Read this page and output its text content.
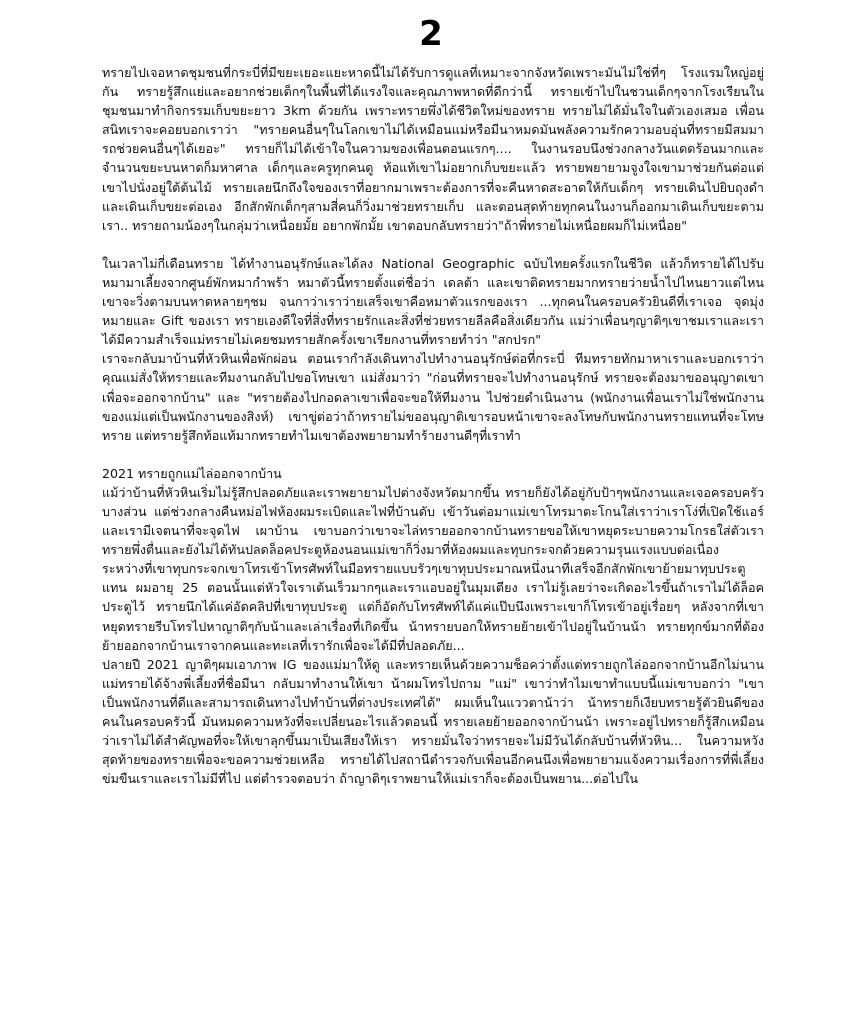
2

ทรายไปเจอหาดชุมชนที่กระบี่ที่มีขยะเยอะแยะหาดนี้ไม่ได้รับการดูแลที่เหมาะจากจังหวัดเพราะมันไม่ใช่ที่ๆ โรงแรมใหญ่อยู่กัน ทรายรู้สึกแย่และอยากช่วยเด็กๆในพื้นที่ได้แรงใจและคุณภาพหาดที่ดีกว่านี้ ทรายเข้าไปในชวนเด็กๆจากโรงเรียนในชุมชนมาทำกิจกรรมเก็บขยะยาว 3km ด้วยกัน เพราะทรายพึ่งได้ชีวิตใหม่ของทราย ทรายไม่ได้มั่นใจในตัวเองเสมอ เพื่อนสนิทเราจะคอยบอกเราว่า "ทรายคนอื่นๆในโลกเขาไม่ได้เหมือนแม่หรือมีนาหมดมันพลังความรักความอบอุ่นที่ทรายมีสมมารถช่วยคนอื่นๆได้เยอะ" ทรายก็ไม่ได้เข้าใจในความของเพื่อนตอนแรกๆ.... ในงานรอบนึงช่วงกลางวันแดดร้อนมากและจำนวนขยะบนหาดก็มหาศาล เด็กๆและครูทุกคนดู ท้อแท้เขาไม่อยากเก็บขยะแล้ว ทรายพยายามจูงใจเขามาช่วยกันต่อแต่เขาไปนั่งอยู่ใต้ต้นไม้ ทรายเลยนึกถึงใจของเราที่อยากมาเพราะต้องการที่จะคืนหาดสะอาดให้กับเด็กๆ ทรายเดินไปยิบถุงดำและเดินเก็บขยะต่อเอง อีกสักพักเด็กๆสามสี่คนก็วิ่งมาช่วยทรายเก็บ และตอนสุดท้ายทุกคนในงานก็ออกมาเดินเก็บขยะตามเรา.. ทรายถามน้องๆในกลุ่มว่าเหนื่อยมั้ย อยากพักมั้ย เขาตอบกลับทรายว่า"ถ้าพี่ทรายไม่เหนื่อยผมก็ไม่เหนื่อย"

ในเวลาไม่กี่เดือนทราย ได้ทำงานอนุรักษ์และได้ลง National Geographic ฉบับไทยครั้งแรกในชีวิต แล้วก็ทรายได้ไปรับหมามาเลี้ยงจากศูนย์พักหมากำพร้า หมาตัวนี้ทรายตั้งแต่ชื่อว่า เดลต้า และเขาติดทรายมากทรายว่ายน้ำไปไหนยาวแต่ไหนเขาจะวิ่งตามบนหาดหลายๆชม จนกาว่าเราว่ายเสร็จเขาคือหมาตัวแรกของเรา ...ทุกคนในครอบครัวยินดีที่เราเจอ จุดมุ่งหมายและ Gift ของเรา ทรายเองดีใจที่สิ่งที่ทรายรักและสิ่งที่ช่วยทรายลีลคือสิ่งเดียวกัน แม่ว่าเพื่อนๆญาติๆเขาชมเราและเราได้มีความสำเร็จแม่ทรายไม่เคยชมทรายสักครั้งเขาเรียกงานที่ทรายทำว่า "สกปรก"

เราจะกลับมาบ้านที่หัวหินเพื่อพักผ่อน ตอนเรากำลังเดินทางไปทำงานอนุรักษ์ต่อที่กระบี่ ทีมทรายทักมาหาเราและบอกเราว่าคุณแม่สั่งให้ทรายและทีมงานกลับไปขอโทษเขา แม่สั่งมาว่า "ก่อนที่ทรายจะไปทำงานอนุรักษ์ ทรายจะต้องมาขออนุญาตเขาเพื่อจะออกจากบ้าน" และ "ทรายต้องไปกอดลาเขาเพื่อจะขอให้ทีมงาน ไปช่วยดำเนินงาน (พนักงานเพื่อนเราไม่ใช่พนักงานของแม่แต่เป็นพนักงานของสิงห์) เขาขู่ต่อว่าถ้าทรายไม่ขออนุญาติเขารอบหน้าเขาจะลงโทษกับพนักงานทรายแทนที่จะโทษทราย แต่ทรายรู้สึกท้อแท้มากทรายทำไมเขาต้องพยายามทำร้ายงานดีๆที่เราทำ

2021 ทรายถูกแม่ไล่ออกจากบ้าน

แม้ว่าบ้านที่หัวหินเริ่มไม่รู้สึกปลอดภัยและเราพยายามไปต่างจังหวัดมากขึ้น ทรายก็ยังได้อยู่กับป้าๆพนักงานและเจอครอบครัวบางส่วน แต่ช่วงกลางคืนหม่อไฟห้องผมระเบิดและไฟที่บ้านดับ เข้าวันต่อมาแม่เขาโทรมาตะโกนใส่เราว่าเราโง่ที่เปิดใช้แอร์และเรามีเจตนาที่จะจุดไฟ เผาบ้าน เขาบอกว่าเขาจะไล่ทรายออกจากบ้านทรายขอให้เขาหยุดระบายความโกรธใส่ตัวเรา ทรายพึ่งตื่นและยังไม่ได้ทันปลดล็อคประตูห้องนอนแม่เขาก็วิ่งมาที่ห้องผมและทุบกระจกด้วยความรุนแรงแบบต่อเนื่อง ระหว่างที่เขาทุบกระจกเขาโทรเข้าโทรศัพท์ในมือทรายแบบรัวๆเขาทุบประมาณหนึ่งนาทีเสร็จอีกสักพักเขาย้ายมาทุบประตูแทน ผมอายุ 25 ตอนนั้นแต่หัวใจเราเต้นเร็วมากๆและเราแอบอยู่ในมุมเตียง เราไม่รู้เลยว่าจะเกิดอะไรขึ้นถ้าเราไม่ได้ล็อคประตูไว้ ทรายนึกได้แค่อัดคลิปที่เขาทุบประตู แต่ก็อัดกับโทรศัพท์ได้แค่แป๊บนึงเพราะเขาก็โทรเข้าอยู่เรื่อยๆ หลังจากที่เขาหยุดทรายรีบโทรไปหาญาติๆกับน้าและเล่าเรื่องที่เกิดขึ้น น้าทรายบอกให้ทรายย้ายเข้าไปอยู่ในบ้านน้า ทรายทุกข์มากที่ต้องย้ายออกจากบ้านเราจากคนและทะเลที่เรารักเพื่อจะได้มีที่ปลอดภัย...

ปลายปี 2021 ญาติๆผมเอาภาพ IG ของแม่มาให้ดู และทรายเห็นด้วยความช็อคว่าตั้งแต่ทรายถูกไล่ออกจากบ้านอีกไม่นาน แม่ทรายได้จ้างพี่เลี้ยงที่ชื่อมีนา กลับมาทำงานให้เขา น้าผมโทรไปถาม "แม่" เขาว่าทำไมเขาทำแบบนี้แม่เขาบอกว่า "เขาเป็นพนักงานที่ดีและสามารถเดินทางไปทำบ้านที่ต่างประเทศได้" ผมเห็นในแววตาน้าว่า น้าทรายก็เงียบทรายรู้ตัวยินดีของคนในครอบครัวนี้ มันหมดความหวังที่จะเปลี่ยนอะไรแล้วตอนนี้ ทรายเลยย้ายออกจากบ้านน้า เพราะอยู่ไปทรายก็รู้สึกเหมือนว่าเราไม่ได้สำคัญพอที่จะให้เขาลุกขึ้นมาเป็นเสียงให้เรา ทรายมั่นใจว่าทรายจะไม่มีวันได้กลับบ้านที่หัวหิน... ในความหวังสุดท้ายของทรายเพื่อจะขอความช่วยเหลือ ทรายได้ไปสถานีตำรวจกับเพื่อนอีกคนนึงเพื่อพยายามแจ้งความเรื่องการที่พี่เลี้ยงข่มขืนเราและเราไม่มีที่ไป แต่ตำรวจตอบว่า ถ้าญาติๆเราพยานให้แม่เราก็จะต้องเป็นพยาน...ต่อไปใน
